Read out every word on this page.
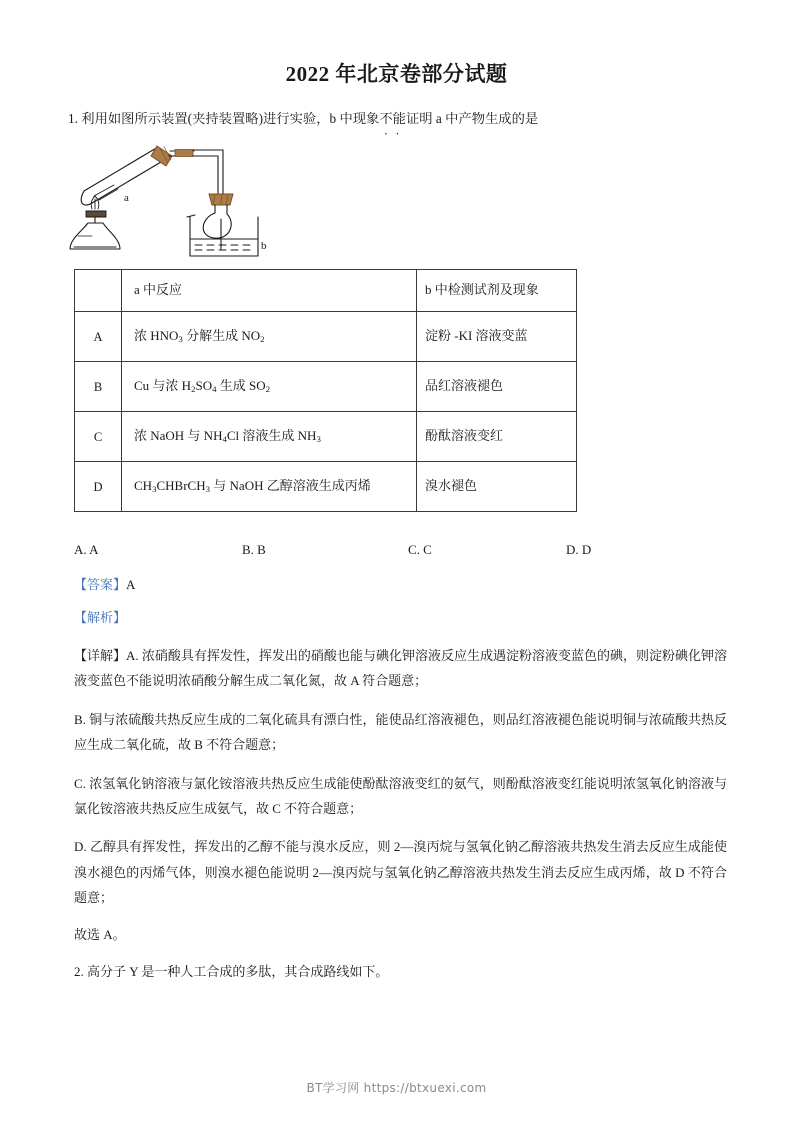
2022 年北京卷部分试题
1. 利用如图所示装置(夹持装置略)进行实验，b 中现象不能 · ·证明 a 中产物生成的是
a
b
	a 中反应	b 中检测试剂及现象
A	浓 $HNO_3$ 分解生成 $NO_2$	淀粉 -KI 溶液变蓝
B	Cu 与浓 $H_2SO_4$ 生成 $SO_2$	品红溶液褪色
C	浓 NaOH 与 $NH_4Cl$ 溶液生成 $NH_3$	酚酞溶液变红
D	$CH_3CHBrCH_3$ 与 NaOH 乙醇溶液生成丙烯	溴水褪色
A. A	B. B	C. C	D. D
【答案】A
【解析】
【详解】A. 浓硝酸具有挥发性，挥发出的硝酸也能与碘化钾溶液反应生成遇淀粉溶液变蓝色的碘，则淀粉碘化钾溶液变蓝色不能说明浓硝酸分解生成二氧化氮，故 A 符合题意；
B. 铜与浓硫酸共热反应生成的二氧化硫具有漂白性，能使品红溶液褪色，则品红溶液褪色能说明铜与浓硫酸共热反应生成二氧化硫，故 B 不符合题意；
C. 浓氢氧化钠溶液与氯化铵溶液共热反应生成能使酚酞溶液变红的氨气，则酚酞溶液变红能说明浓氢氧化钠溶液与氯化铵溶液共热反应生成氨气，故 C 不符合题意；
D. 乙醇具有挥发性，挥发出的乙醇不能与溴水反应，则 2—溴丙烷与氢氧化钠乙醇溶液共热发生消去反应生成能使溴水褪色的丙烯气体，则溴水褪色能说明 2—溴丙烷与氢氧化钠乙醇溶液共热发生消去反应生成丙烯，故 D 不符合题意；
故选 A。
2. 高分子 Y 是一种人工合成的多肽，其合成路线如下。
BT学习网 https://btxuexi.com
